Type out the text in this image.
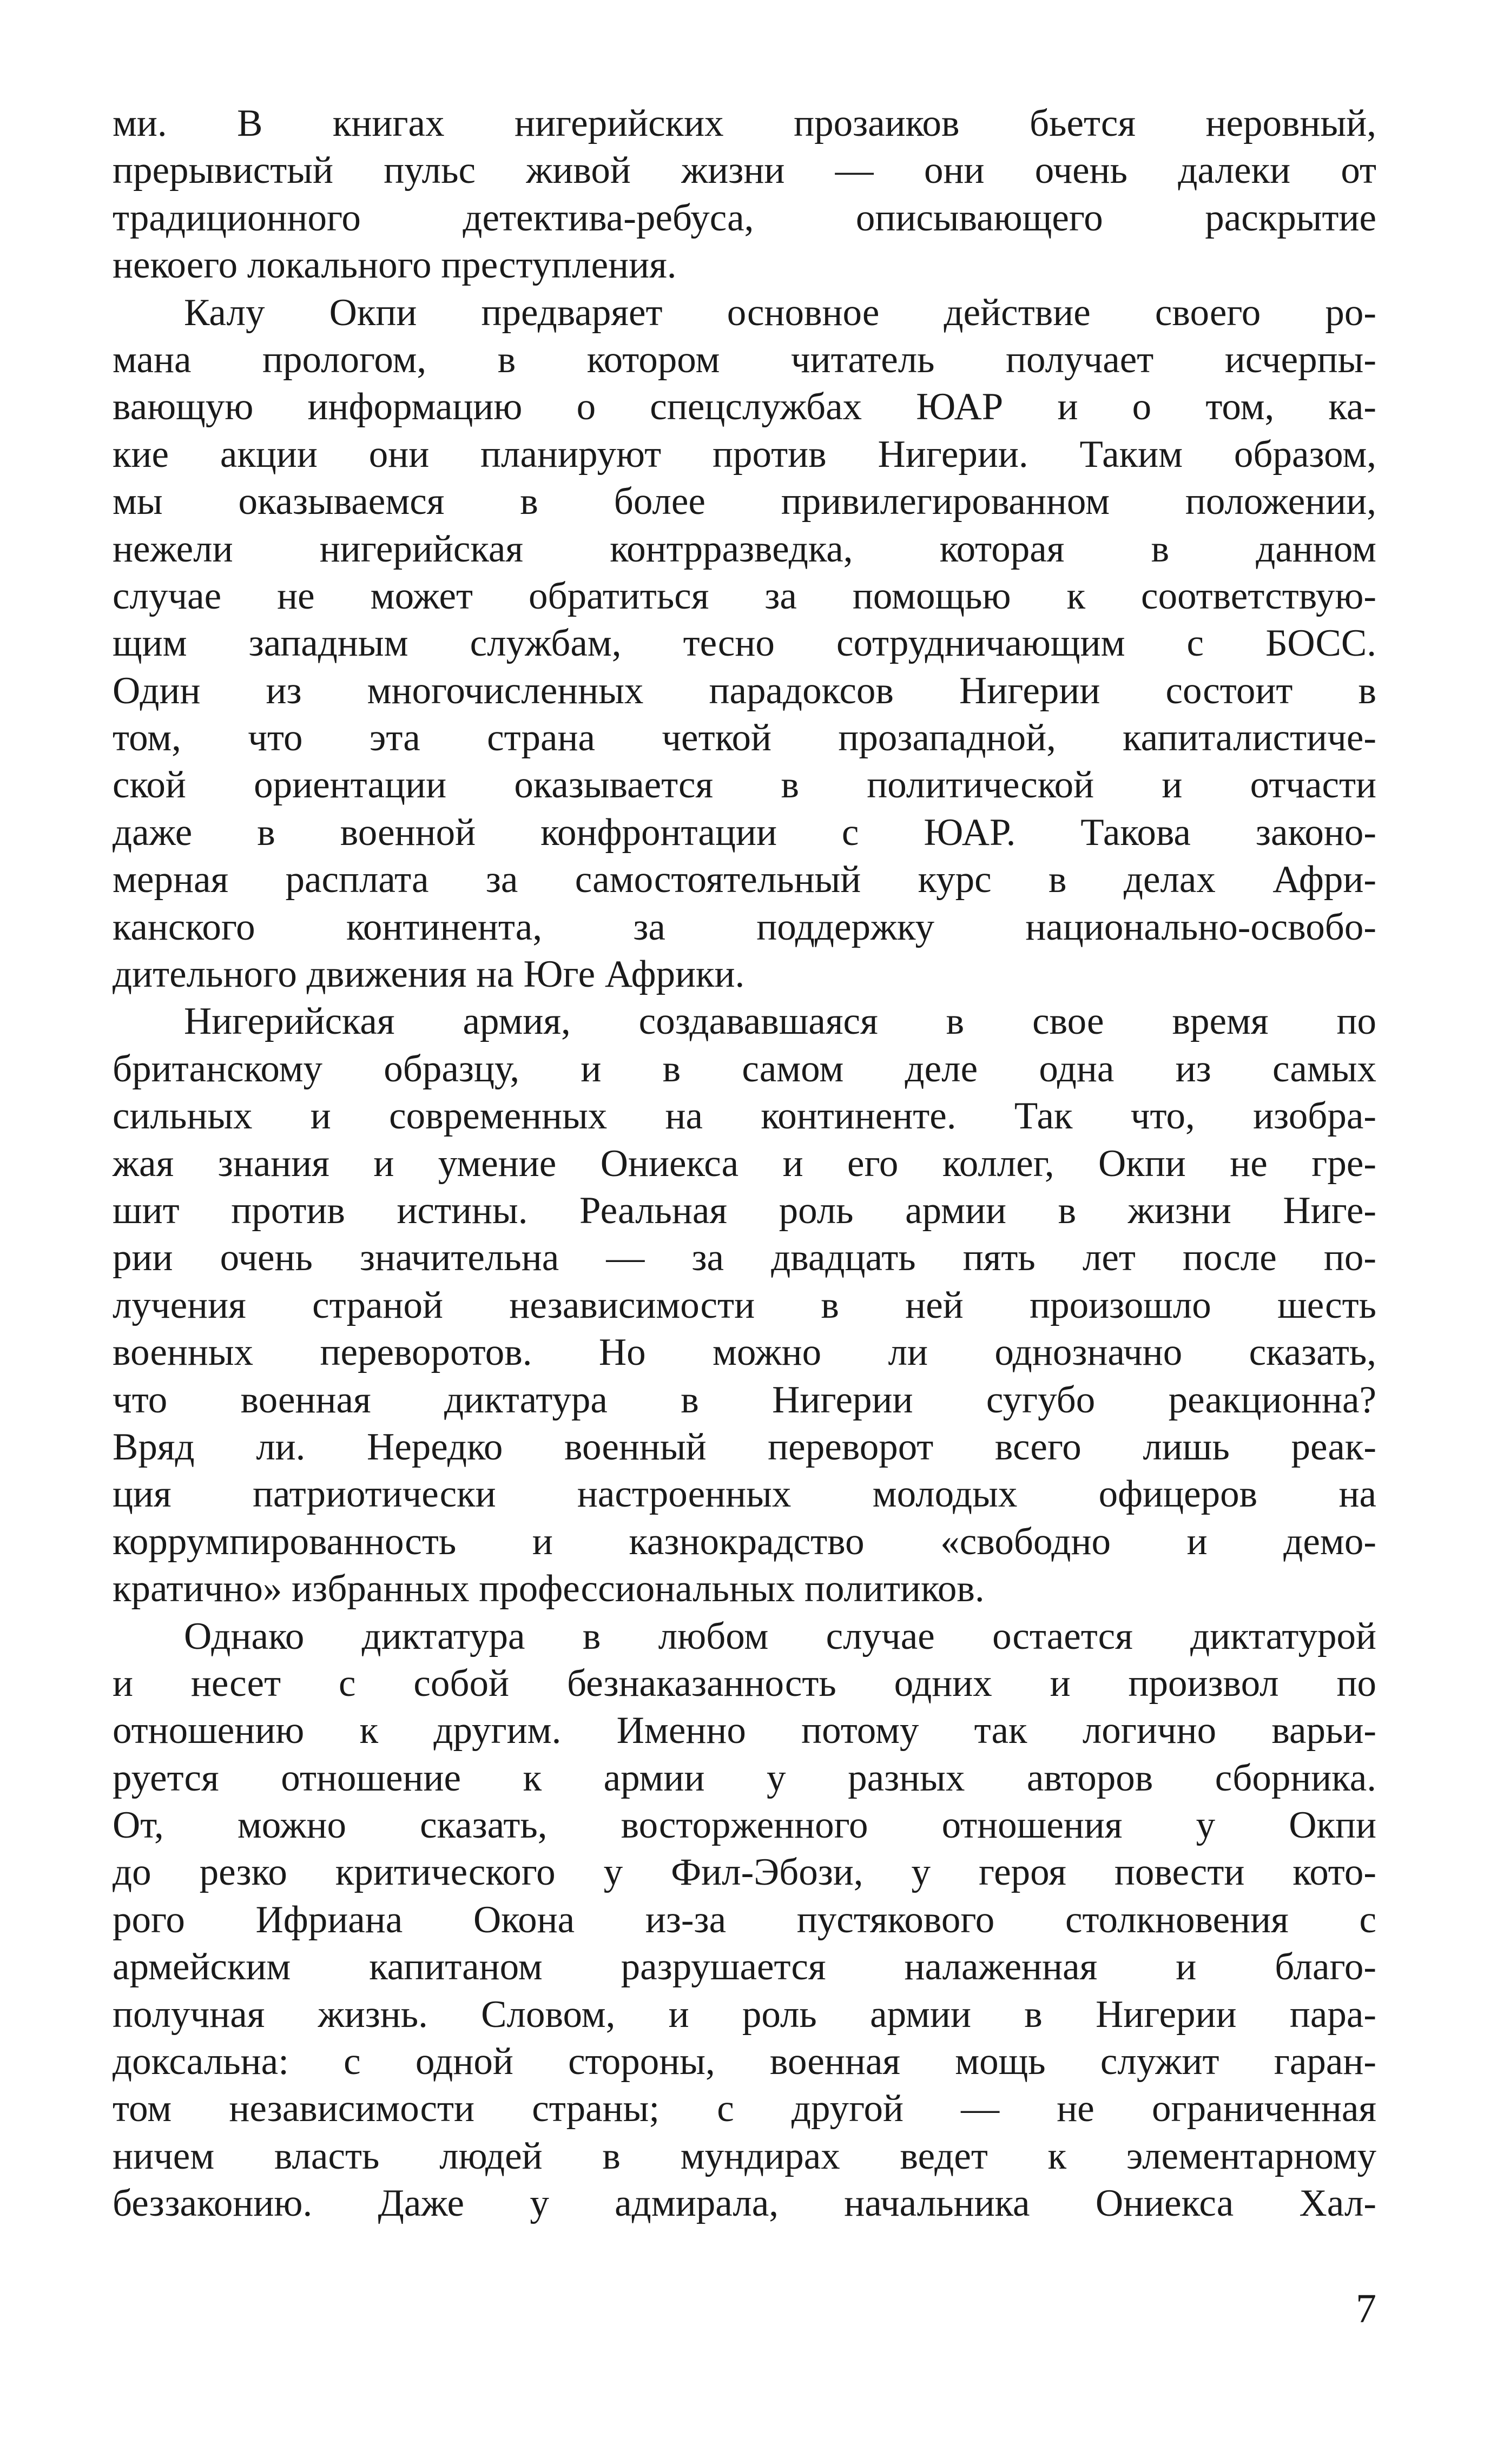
ми. В книгах нигерийских прозаиков бьется неровный,
прерывистый пульс живой жизни — они очень далеки от
традиционного детектива-ребуса, описывающего раскрытие
некоего локального преступления.
Калу Окпи предваряет основное действие своего ро-
мана прологом, в котором читатель получает исчерпы-
вающую информацию о спецслужбах ЮАР и о том, ка-
кие акции они планируют против Нигерии. Таким образом,
мы оказываемся в более привилегированном положении,
нежели нигерийская контрразведка, которая в данном
случае не может обратиться за помощью к соответствую-
щим западным службам, тесно сотрудничающим с БОСС.
Один из многочисленных парадоксов Нигерии состоит в
том, что эта страна четкой прозападной, капиталистиче-
ской ориентации оказывается в политической и отчасти
даже в военной конфронтации с ЮАР. Такова законо-
мерная расплата за самостоятельный курс в делах Афри-
канского континента, за поддержку национально-освобо-
дительного движения на Юге Африки.
Нигерийская армия, создававшаяся в свое время по
британскому образцу, и в самом деле одна из самых
сильных и современных на континенте. Так что, изобра-
жая знания и умение Ониекса и его коллег, Окпи не гре-
шит против истины. Реальная роль армии в жизни Ниге-
рии очень значительна — за двадцать пять лет после по-
лучения страной независимости в ней произошло шесть
военных переворотов. Но можно ли однозначно сказать,
что военная диктатура в Нигерии сугубо реакционна?
Вряд ли. Нередко военный переворот всего лишь реак-
ция патриотически настроенных молодых офицеров на
коррумпированность и казнокрадство «свободно и демо-
кратично» избранных профессиональных политиков.
Однако диктатура в любом случае остается диктатурой
и несет с собой безнаказанность одних и произвол по
отношению к другим. Именно потому так логично варьи-
руется отношение к армии у разных авторов сборника.
От, можно сказать, восторженного отношения у Окпи
до резко критического у Фил-Эбози, у героя повести кото-
рого Ифриана Окона из-за пустякового столкновения с
армейским капитаном разрушается налаженная и благо-
получная жизнь. Словом, и роль армии в Нигерии пара-
доксальна: с одной стороны, военная мощь служит гаран-
том независимости страны; с другой — не ограниченная
ничем власть людей в мундирах ведет к элементарному
беззаконию. Даже у адмирала, начальника Ониекса Хал-
7
